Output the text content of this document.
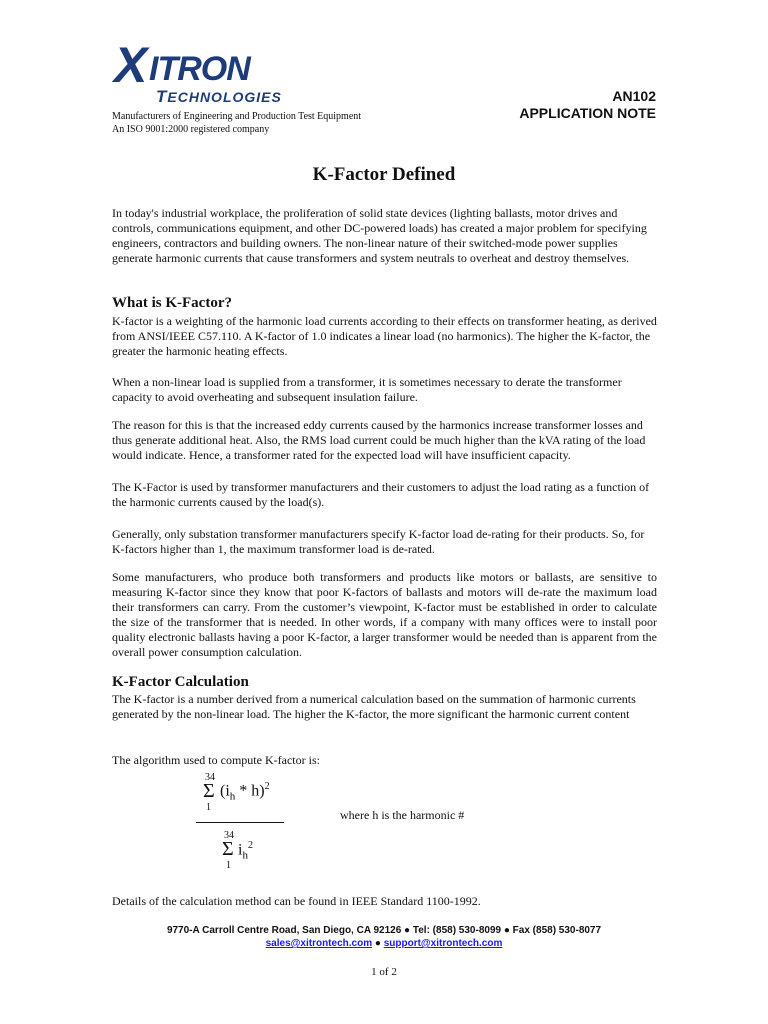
X ITRON
TECHNOLOGIES
Manufacturers of Engineering and Production Test Equipment
An ISO 9001:2000 registered company
AN102
APPLICATION NOTE
K-Factor Defined
In today's industrial workplace, the proliferation of solid state devices (lighting ballasts, motor drives and controls, communications equipment, and other DC-powered loads) has created a major problem for specifying engineers, contractors and building owners. The non-linear nature of their switched-mode power supplies generate harmonic currents that cause transformers and system neutrals to overheat and destroy themselves.
What is K-Factor?
K-factor is a weighting of the harmonic load currents according to their effects on transformer heating, as derived from ANSI/IEEE C57.110. A K-factor of 1.0 indicates a linear load (no harmonics). The higher the K-factor, the greater the harmonic heating effects.
When a non-linear load is supplied from a transformer, it is sometimes necessary to derate the transformer capacity to avoid overheating and subsequent insulation failure.
The reason for this is that the increased eddy currents caused by the harmonics increase transformer losses and thus generate additional heat. Also, the RMS load current could be much higher than the kVA rating of the load would indicate. Hence, a transformer rated for the expected load will have insufficient capacity.
The K-Factor is used by transformer manufacturers and their customers to adjust the load rating as a function of the harmonic currents caused by the load(s).
Generally, only substation transformer manufacturers specify K-factor load de-rating for their products. So, for K-factors higher than 1, the maximum transformer load is de-rated.
Some manufacturers, who produce both transformers and products like motors or ballasts, are sensitive to measuring K-factor since they know that poor K-factors of ballasts and motors will de-rate the maximum load their transformers can carry. From the customer’s viewpoint, K-factor must be established in order to calculate the size of the transformer that is needed. In other words, if a company with many offices were to install poor quality electronic ballasts having a poor K-factor, a larger transformer would be needed than is apparent from the overall power consumption calculation.
K-Factor Calculation
The K-factor is a number derived from a numerical calculation based on the summation of harmonic currents generated by the non-linear load. The higher the K-factor, the more significant the harmonic current content
The algorithm used to compute K-factor is:
34
Σ
1
$(i_h * h)^2$
34
Σ
1
$i_h^2$
where h is the harmonic #
Details of the calculation method can be found in IEEE Standard 1100-1992.
9770-A Carroll Centre Road, San Diego, CA 92126 ● Tel: (858) 530-8099 ● Fax (858) 530-8077
sales@xitrontech.com ● support@xitrontech.com
1 of 2
